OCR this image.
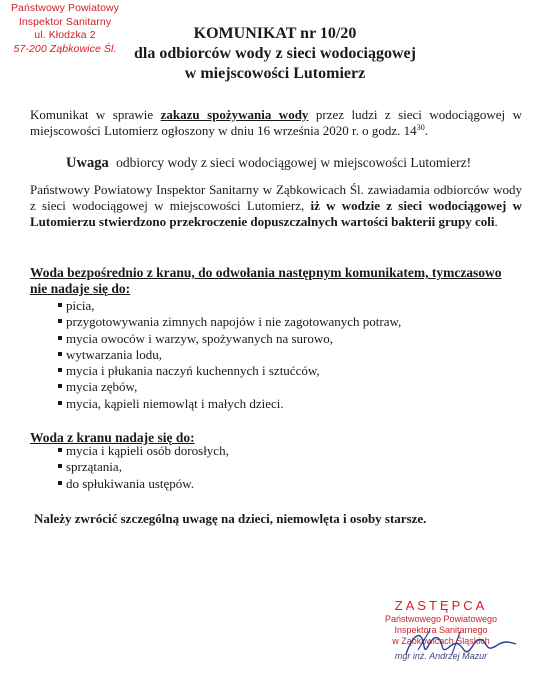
Państwowy Powiatowy
Inspektor Sanitarny
ul. Kłodzka 2
57-200 Ząbkowice Śl.
KOMUNIKAT nr 10/20
dla odbiorców wody z sieci wodociągowej
w miejscowości Lutomierz
Komunikat w sprawie zakazu spożywania wody przez ludzi z sieci wodociągowej w miejscowości Lutomierz ogłoszony w dniu 16 września 2020 r. o godz. $14^{30}$.
Uwaga odbiorcy wody z sieci wodociągowej w miejscowości Lutomierz!
Państwowy Powiatowy Inspektor Sanitarny w Ząbkowicach Śl. zawiadamia odbiorców wody z sieci wodociągowej w miejscowości Lutomierz, iż w wodzie z sieci wodociągowej w Lutomierzu stwierdzono przekroczenie dopuszczalnych wartości bakterii grupy coli.
Woda bezpośrednio z kranu, do odwołania następnym komunikatem, tymczasowo nie nadaje się do:
picia,
przygotowywania zimnych napojów i nie zagotowanych potraw,
mycia owoców i warzyw, spożywanych na surowo,
wytwarzania lodu,
mycia i płukania naczyń kuchennych i sztućców,
mycia zębów,
mycia, kąpieli niemowląt i małych dzieci.
Woda z kranu nadaje się do:
mycia i kąpieli osób dorosłych,
sprzątania,
do spłukiwania ustępów.
Należy zwrócić szczególną uwagę na dzieci, niemowlęta i osoby starsze.
ZASTĘPCA
Państwowego Powiatowego
Inspektora Sanitarnego
w Ząbkowicach Śląskich
mgr inż. Andrzej Mazur
